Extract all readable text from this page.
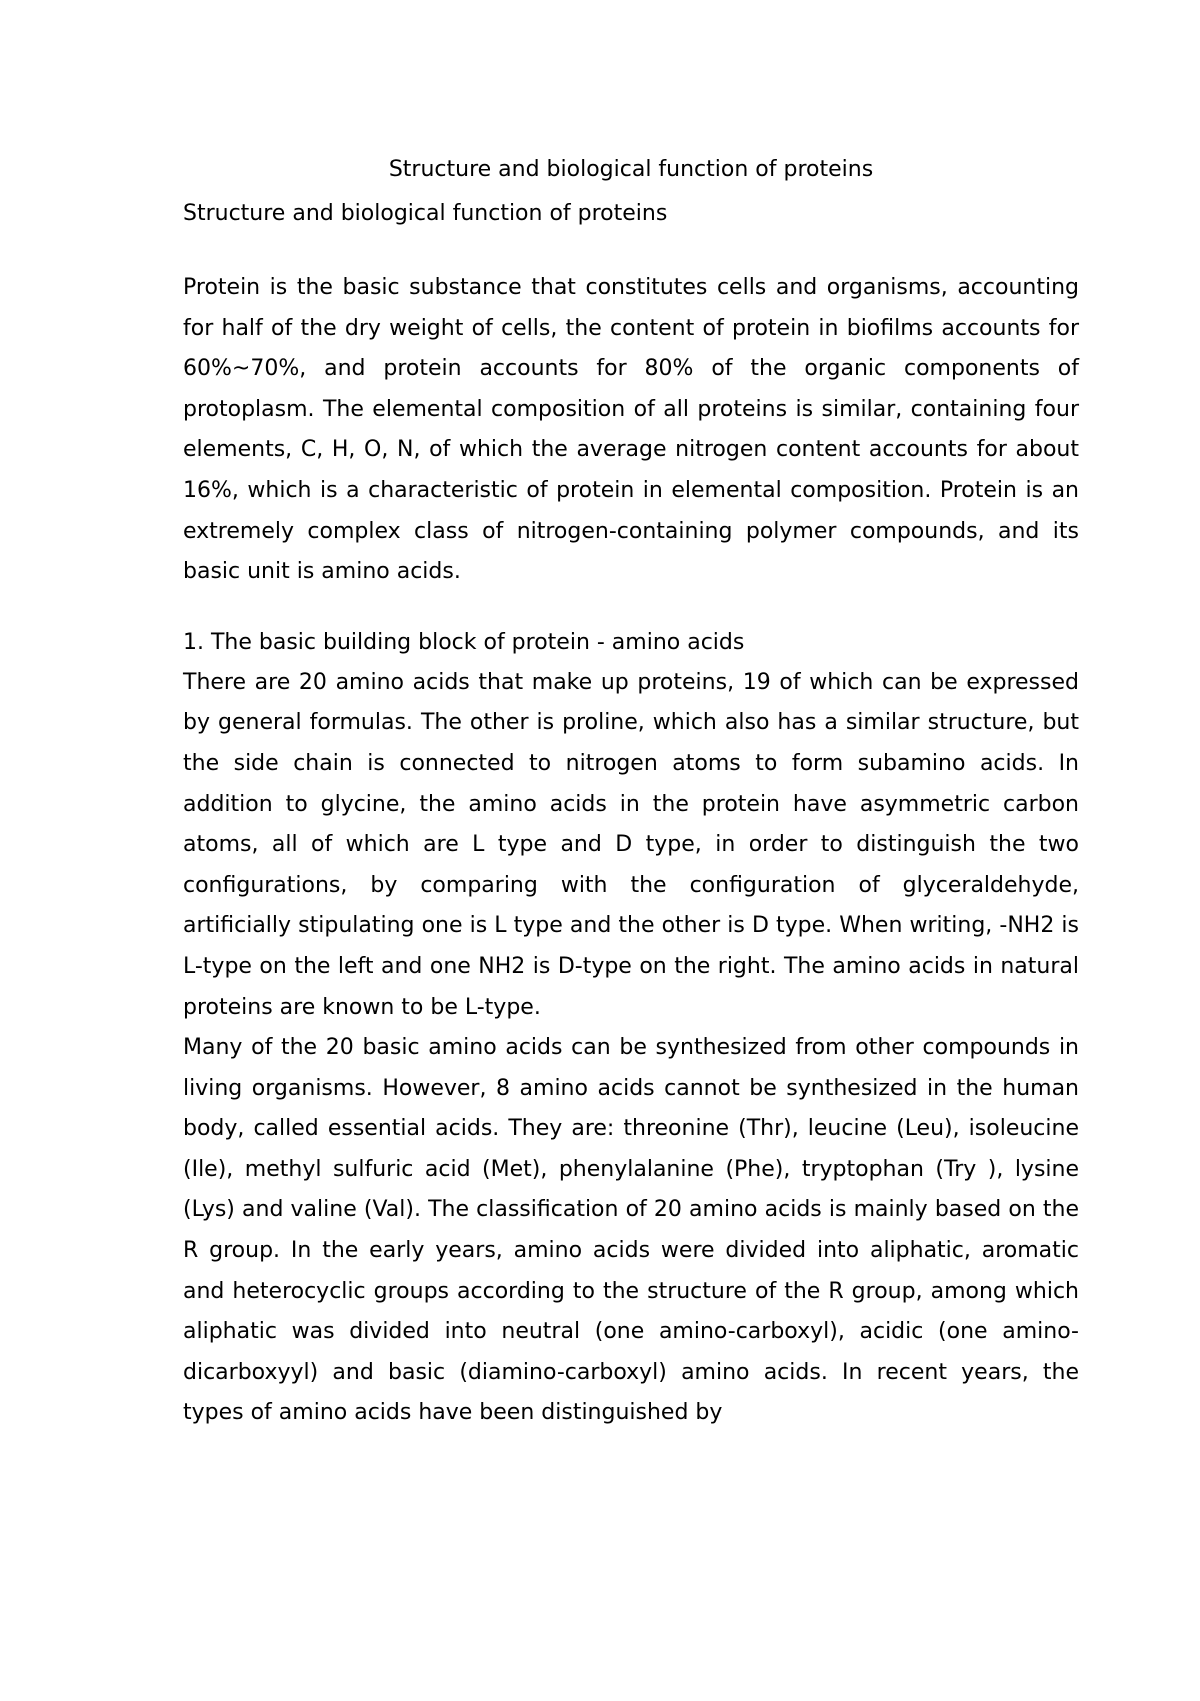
Structure and biological function of proteins
Structure and biological function of proteins

Protein is the basic substance that constitutes cells and organisms, accounting for half of the dry weight of cells, the content of protein in biofilms accounts for 60%~70%, and protein accounts for 80% of the organic components of protoplasm. The elemental composition of all proteins is similar, containing four elements, C, H, O, N, of which the average nitrogen content accounts for about 16%, which is a characteristic of protein in elemental composition. Protein is an extremely complex class of nitrogen-containing polymer compounds, and its basic unit is amino acids.

1. The basic building block of protein - amino acids

There are 20 amino acids that make up proteins, 19 of which can be expressed by general formulas. The other is proline, which also has a similar structure, but the side chain is connected to nitrogen atoms to form subamino acids. In addition to glycine, the amino acids in the protein have asymmetric carbon atoms, all of which are L type and D type, in order to distinguish the two configurations, by comparing with the configuration of glyceraldehyde, artificially stipulating one is L type and the other is D type. When writing, -NH2 is L-type on the left and one NH2 is D-type on the right. The amino acids in natural proteins are known to be L-type.

Many of the 20 basic amino acids can be synthesized from other compounds in living organisms. However, 8 amino acids cannot be synthesized in the human body, called essential acids. They are: threonine (Thr), leucine (Leu), isoleucine (Ile), methyl sulfuric acid (Met), phenylalanine (Phe), tryptophan (Try ), lysine (Lys) and valine (Val). The classification of 20 amino acids is mainly based on the R group. In the early years, amino acids were divided into aliphatic, aromatic and heterocyclic groups according to the structure of the R group, among which aliphatic was divided into neutral (one amino-carboxyl), acidic (one amino-dicarboxyyl) and basic (diamino-carboxyl) amino acids. In recent years, the types of amino acids have been distinguished by
